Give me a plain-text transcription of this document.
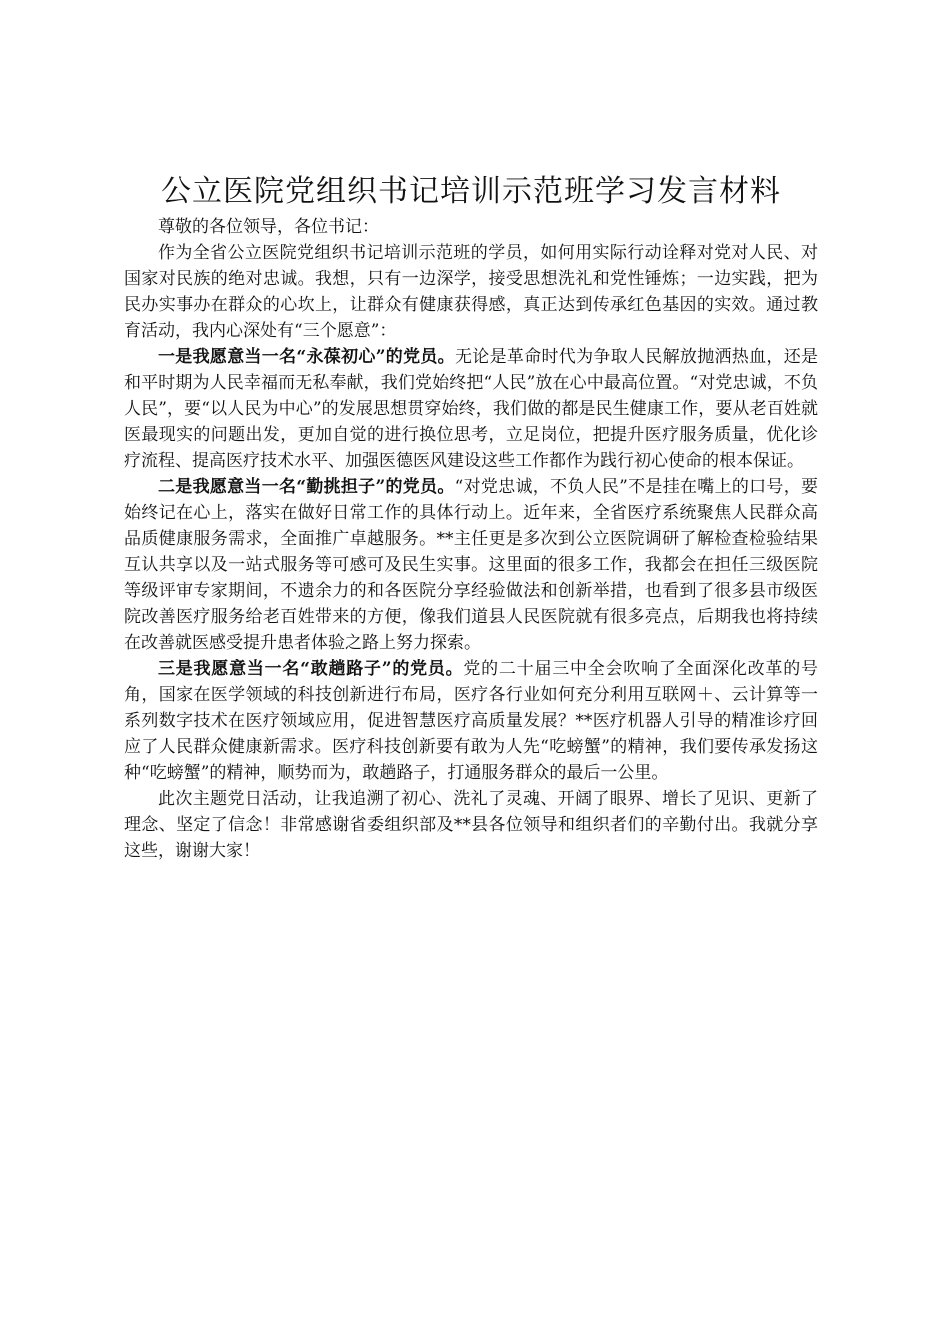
公立医院党组织书记培训示范班学习发言材料

尊敬的各位领导，各位书记：

作为全省公立医院党组织书记培训示范班的学员，如何用实际行动诠释对党对人民、对国家对民族的绝对忠诚。我想，只有一边深学，接受思想洗礼和党性锤炼；一边实践，把为民办实事办在群众的心坎上，让群众有健康获得感，真正达到传承红色基因的实效。通过教育活动，我内心深处有“三个愿意”：

一是我愿意当一名“永葆初心”的党员。无论是革命时代为争取人民解放抛洒热血，还是和平时期为人民幸福而无私奉献，我们党始终把“人民”放在心中最高位置。“对党忠诚，不负人民”，要“以人民为中心”的发展思想贯穿始终，我们做的都是民生健康工作，要从老百姓就医最现实的问题出发，更加自觉的进行换位思考，立足岗位，把提升医疗服务质量，优化诊疗流程、提高医疗技术水平、加强医德医风建设这些工作都作为践行初心使命的根本保证。

二是我愿意当一名“勤挑担子”的党员。“对党忠诚，不负人民”不是挂在嘴上的口号，要始终记在心上，落实在做好日常工作的具体行动上。近年来，全省医疗系统聚焦人民群众高品质健康服务需求，全面推广卓越服务。**主任更是多次到公立医院调研了解检查检验结果互认共享以及一站式服务等可感可及民生实事。这里面的很多工作，我都会在担任三级医院等级评审专家期间，不遗余力的和各医院分享经验做法和创新举措，也看到了很多县市级医院改善医疗服务给老百姓带来的方便，像我们道县人民医院就有很多亮点，后期我也将持续在改善就医感受提升患者体验之路上努力探索。

三是我愿意当一名“敢趟路子”的党员。党的二十届三中全会吹响了全面深化改革的号角，国家在医学领域的科技创新进行布局，医疗各行业如何充分利用互联网＋、云计算等一系列数字技术在医疗领域应用，促进智慧医疗高质量发展？**医疗机器人引导的精准诊疗回应了人民群众健康新需求。医疗科技创新要有敢为人先“吃螃蟹”的精神，我们要传承发扬这种“吃螃蟹”的精神，顺势而为，敢趟路子，打通服务群众的最后一公里。

此次主题党日活动，让我追溯了初心、洗礼了灵魂、开阔了眼界、增长了见识、更新了理念、坚定了信念！非常感谢省委组织部及**县各位领导和组织者们的辛勤付出。我就分享这些，谢谢大家！
